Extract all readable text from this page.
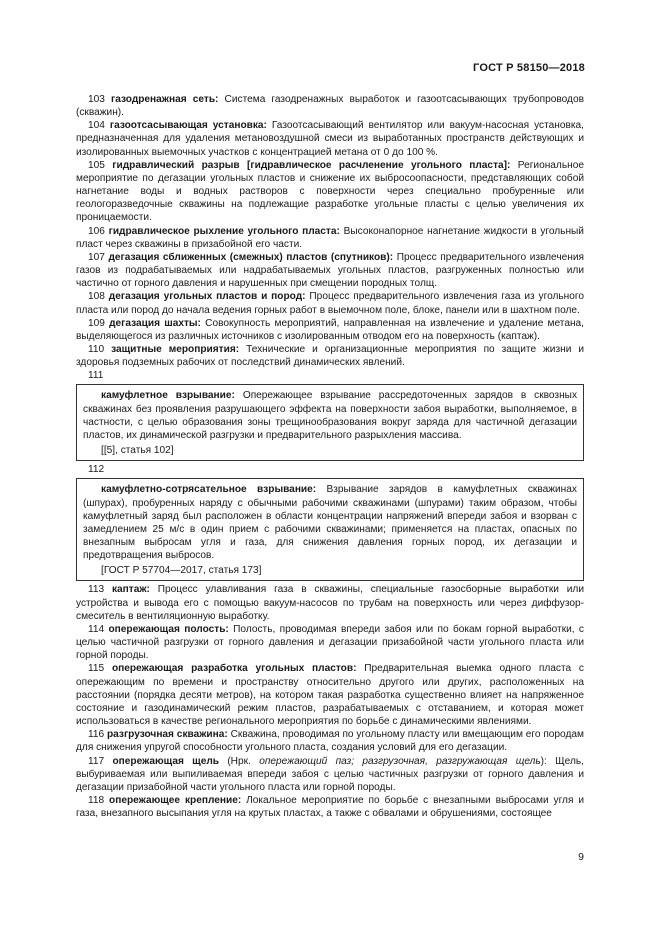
ГОСТ Р 58150—2018

103 газодренажная сеть: Система газодренажных выработок и газоотсасывающих трубопроводов (скважин).

104 газоотсасывающая установка: Газоотсасывающий вентилятор или вакуум-насосная установка, предназначенная для удаления метановоздушной смеси из выработанных пространств действующих и изолированных выемочных участков с концентрацией метана от 0 до 100 %.

105 гидравлический разрыв [гидравлическое расчленение угольного пласта]: Региональное мероприятие по дегазации угольных пластов и снижение их выбросоопасности, представляющих собой нагнетание воды и водных растворов с поверхности через специально пробуренные или геологоразведочные скважины на подлежащие разработке угольные пласты с целью увеличения их проницаемости.

106 гидравлическое рыхление угольного пласта: Высоконапорное нагнетание жидкости в угольный пласт через скважины в призабойной его части.

107 дегазация сближенных (смежных) пластов (спутников): Процесс предварительного извлечения газов из подрабатываемых или надрабатываемых угольных пластов, разгруженных полностью или частично от горного давления и нарушенных при смещении породных толщ.

108 дегазация угольных пластов и пород: Процесс предварительного извлечения газа из угольного пласта или пород до начала ведения горных работ в выемочном поле, блоке, панели или в шахтном поле.

109 дегазация шахты: Совокупность мероприятий, направленная на извлечение и удаление метана, выделяющегося из различных источников с изолированным отводом его на поверхность (каптаж).

110 защитные мероприятия: Технические и организационные мероприятия по защите жизни и здоровья подземных рабочих от последствий динамических явлений.

111

камуфлетное взрывание: Опережающее взрывание рассредоточенных зарядов в сквозных скважинах без проявления разрушающего эффекта на поверхности забоя выработки, выполняемое, в частности, с целью образования зоны трещинообразования вокруг заряда для частичной дегазации пластов, их динамической разгрузки и предварительного разрыхления массива.

[[5], статья 102]

112

камуфлетно-сотрясательное взрывание: Взрывание зарядов в камуфлетных скважинах (шпурах), пробуренных наряду с обычными рабочими скважинами (шпурами) таким образом, чтобы камуфлетный заряд был расположен в области концентрации напряжений впереди забоя и взорван с замедлением 25 м/с в один прием с рабочими скважинами; применяется на пластах, опасных по внезапным выбросам угля и газа, для снижения давления горных пород, их дегазации и предотвращения выбросов.

[ГОСТ Р 57704—2017, статья 173]

113 каптаж: Процесс улавливания газа в скважины, специальные газосборные выработки или устройства и вывода его с помощью вакуум-насосов по трубам на поверхность или через диффузор-смеситель в вентиляционную выработку.

114 опережающая полость: Полость, проводимая впереди забоя или по бокам горной выработки, с целью частичной разгрузки от горного давления и дегазации призабойной части угольного пласта или горной породы.

115 опережающая разработка угольных пластов: Предварительная выемка одного пласта с опережающим по времени и пространству относительно другого или других, расположенных на расстоянии (порядка десяти метров), на котором такая разработка существенно влияет на напряженное состояние и газодинамический режим пластов, разрабатываемых с отставанием, и которая может использоваться в качестве регионального мероприятия по борьбе с динамическими явлениями.

116 разгрузочная скважина: Скважина, проводимая по угольному пласту или вмещающим его породам для снижения упругой способности угольного пласта, создания условий для его дегазации.

117 опережающая щель (Нрк. опережающий паз; разгрузочная, разгружающая щель): Щель, выбуриваемая или выпиливаемая впереди забоя с целью частичных разгрузки от горного давления и дегазации призабойной части угольного пласта или горной породы.

118 опережающее крепление: Локальное мероприятие по борьбе с внезапными выбросами угля и газа, внезапного высыпания угля на крутых пластах, а также с обвалами и обрушениями, состоящее

9
